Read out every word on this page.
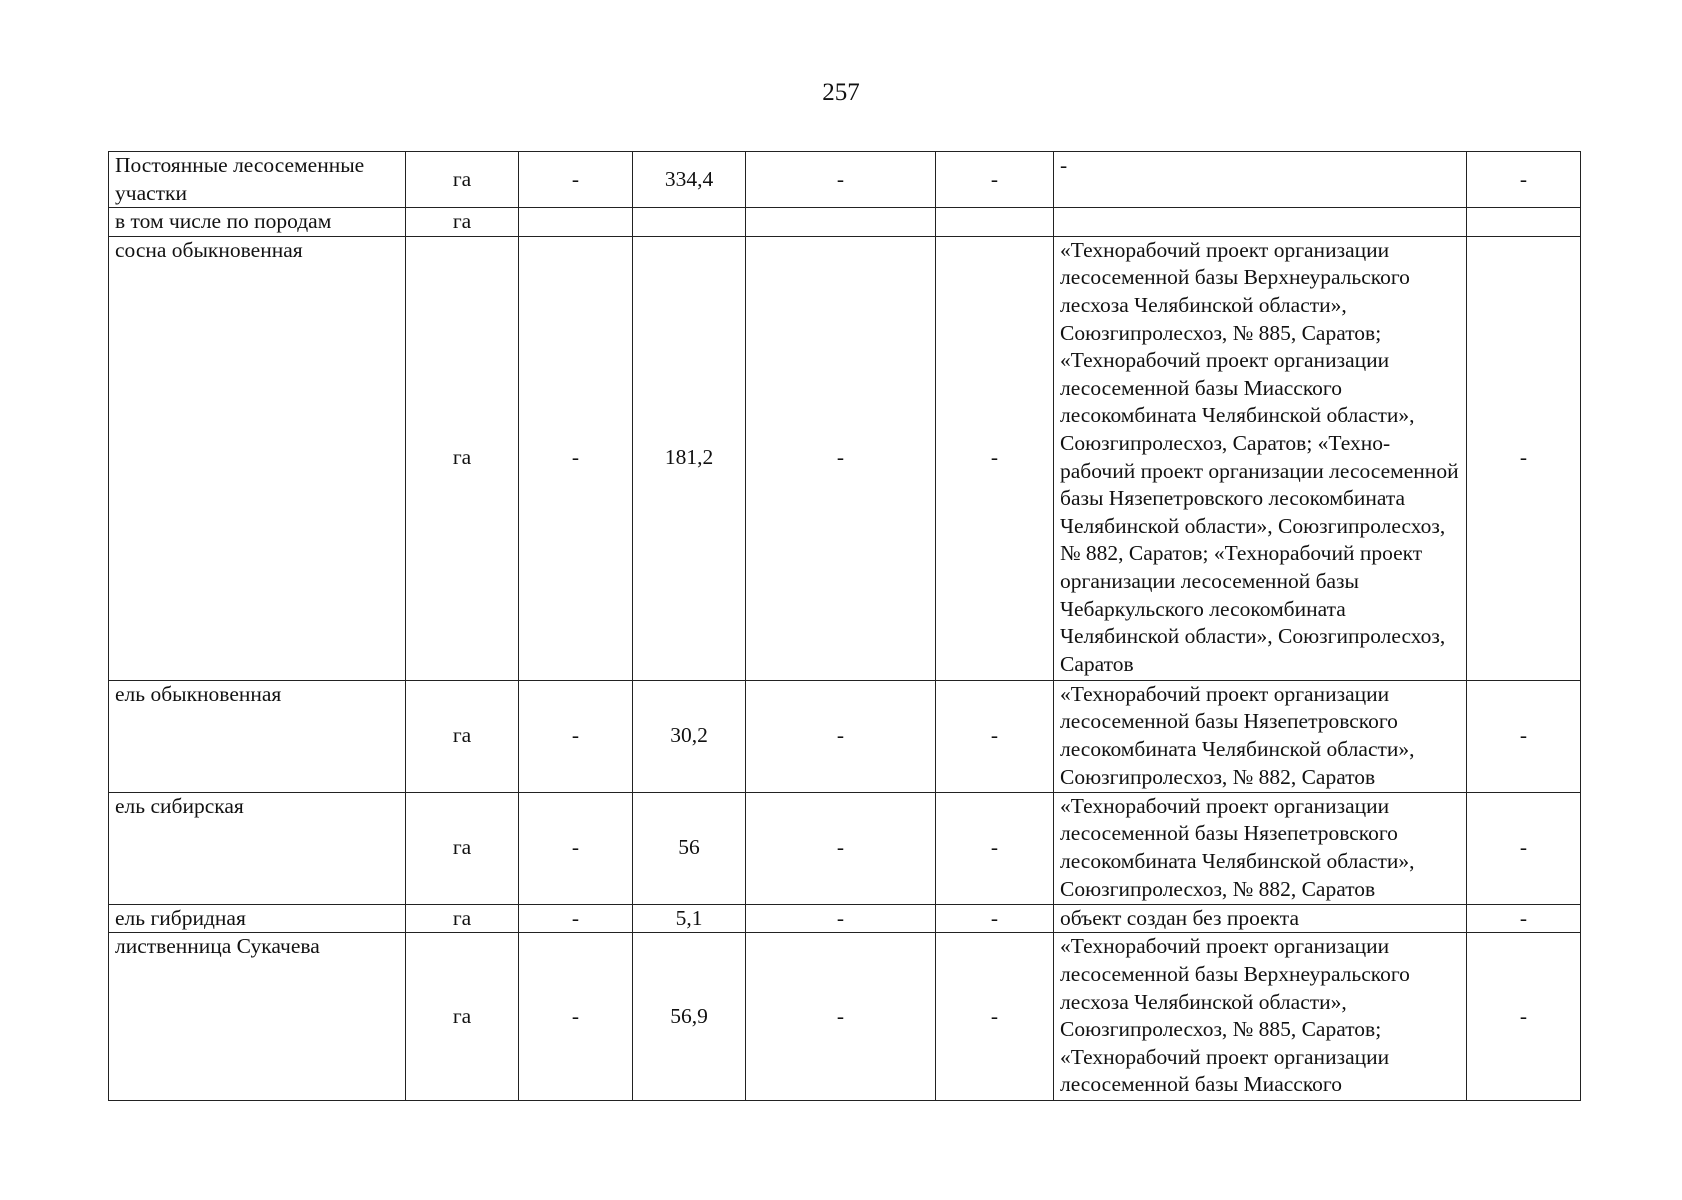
257
Постоянные лесосеменные участки	га	-	334,4	-	-	-	-
в том числе по породам	га						
сосна обыкновенная	га	-	181,2	-	-	«Технорабочий проект организации лесосеменной базы Верхнеуральского лесхоза Челябинской области», Союзгипролесхоз, № 885, Саратов; «Технорабочий проект организации лесосеменной базы Миасского лесокомбината Челябинской области», Союзгипролесхоз, Саратов; «Техно-рабочий проект организации лесосеменной базы Нязепетровского лесокомбината Челябинской области», Союзгипролесхоз, № 882, Саратов; «Технорабочий проект организации лесосеменной базы Чебаркульского лесокомбината Челябинской области», Союзгипролесхоз, Саратов	-
ель обыкновенная	га	-	30,2	-	-	«Технорабочий проект организации лесосеменной базы Нязепетровского лесокомбината Челябинской области», Союзгипролесхоз, № 882, Саратов	-
ель сибирская	га	-	56	-	-	«Технорабочий проект организации лесосеменной базы Нязепетровского лесокомбината Челябинской области», Союзгипролесхоз, № 882, Саратов	-
ель гибридная	га	-	5,1	-	-	объект создан без проекта	-
лиственница Сукачева	га	-	56,9	-	-	«Технорабочий проект организации лесосеменной базы Верхнеуральского лесхоза Челябинской области», Союзгипролесхоз, № 885, Саратов; «Технорабочий проект организации лесосеменной базы Миасского	-
